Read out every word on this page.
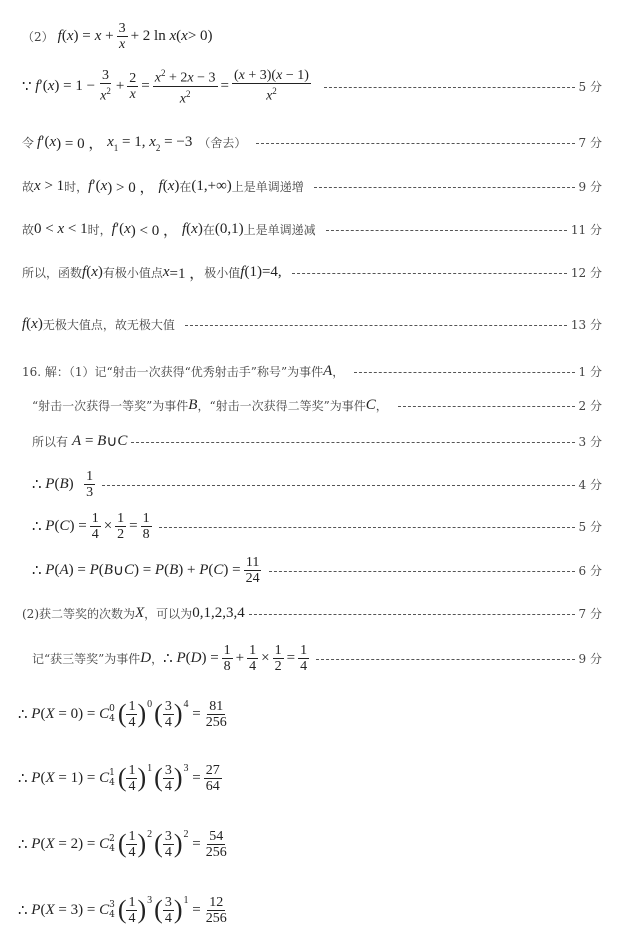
（2） f ( x ) = $x + \frac{3}{x} + 2$ ln x ( x > 0)
∵ f ′( x ) = $1 - \frac{3}{x^2} + \frac{2}{x} = \frac{x^2 + 2x - 3}{x^2} = \frac{(x + 3)(x - 1)}{x^2}$	5 分
令 f ′( x ) = 0 ， x 1 = 1, x 2 = −3 （舍去）	7 分
故 x > 1 时， f ′( x ) > 0 ， f ( x ) 在 (1,+∞) 上是单调递增	9 分
故 0 < x < 1 时， f ′( x ) < 0 ， f ( x ) 在 (0,1) 上是单调递减	11 分
所以，函数 f ( x ) 有极小值点 x =1 ， 极小值 f (1)=4,	12 分
f ( x ) 无极大值点，故无极大值	13 分
16. 解：（1）记“射击一次获得“优秀射击手”称号”为事件 A ，	1 分
“射击一次获得一等奖”为事件 B ，“射击一次获得二等奖”为事件 C ，	2 分
所以有 A = B ∪ C	3 分
∴ P ( B ) $\frac{1}{3}$	4 分
∴ P ( C ) = $\frac{1}{4} \times \frac{1}{2} = \frac{1}{8}$	5 分
∴ P ( A ) = P ( B ∪ C ) = P ( B ) + P ( C ) = $\frac{11}{24}$	6 分
(2)获二等奖的次数为 X ，可以为 0,1,2,3,4	7 分
记“获三等奖”为事件 D ， ∴ P ( D ) = $\frac{1}{8} + \frac{1}{4} \times \frac{1}{2} = \frac{1}{4}$	9 分
∴ P ( X = 0) = C 0
4 ( $\frac{1}{4}$ ) 0 ( $\frac{3}{4}$ ) 4
= $\frac{81}{256}$
∴ P ( X = 1) = C 1
4 ( $\frac{1}{4}$ ) 1 ( $\frac{3}{4}$ ) 3
= $\frac{27}{64}$
∴ P ( X = 2) = C 2
4 ( $\frac{1}{4}$ ) 2 ( $\frac{3}{4}$ ) 2
= $\frac{54}{256}$
∴ P ( X = 3) = C 3
4 ( $\frac{1}{4}$ ) 3 ( $\frac{3}{4}$ ) 1
= $\frac{12}{256}$
